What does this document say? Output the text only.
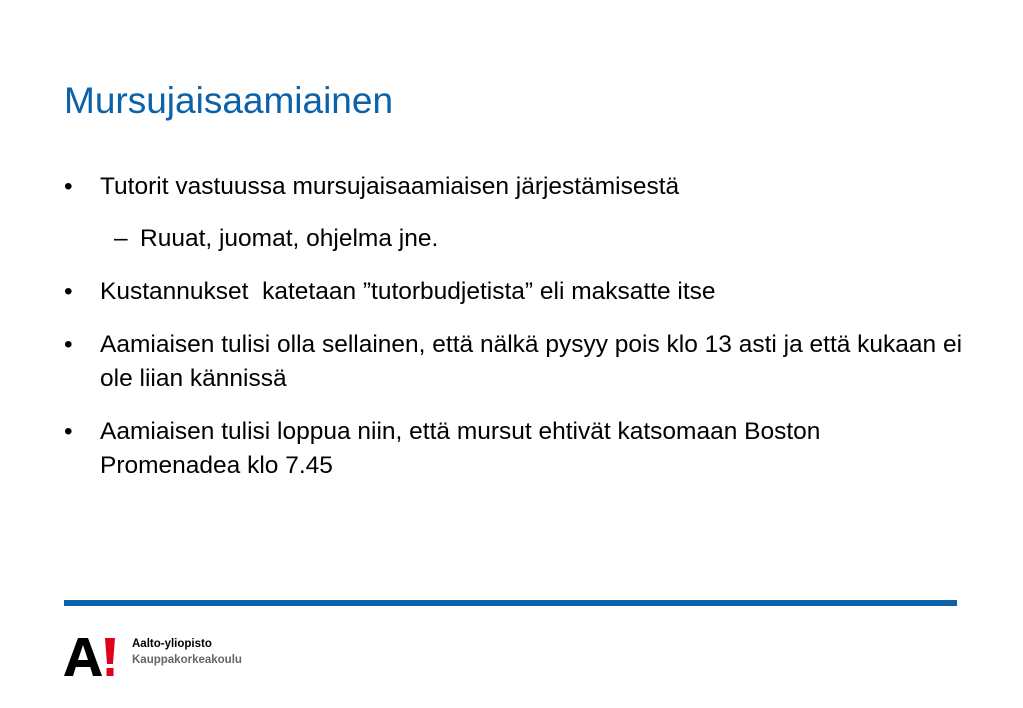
Mursujaisaamiainen
• Tutorit vastuussa mursujaisaamiaisen järjestämisestä
– Ruuat, juomat, ohjelma jne.
• Kustannukset  katetaan ”tutorbudjetista” eli maksatte itse
• Aamiaisen tulisi olla sellainen, että nälkä pysyy pois klo 13 asti ja että kukaan ei ole liian kännissä
• Aamiaisen tulisi loppua niin, että mursut ehtivät katsomaan Boston Promenadea klo 7.45
Aalto-yliopisto
Kauppakorkeakoulu
